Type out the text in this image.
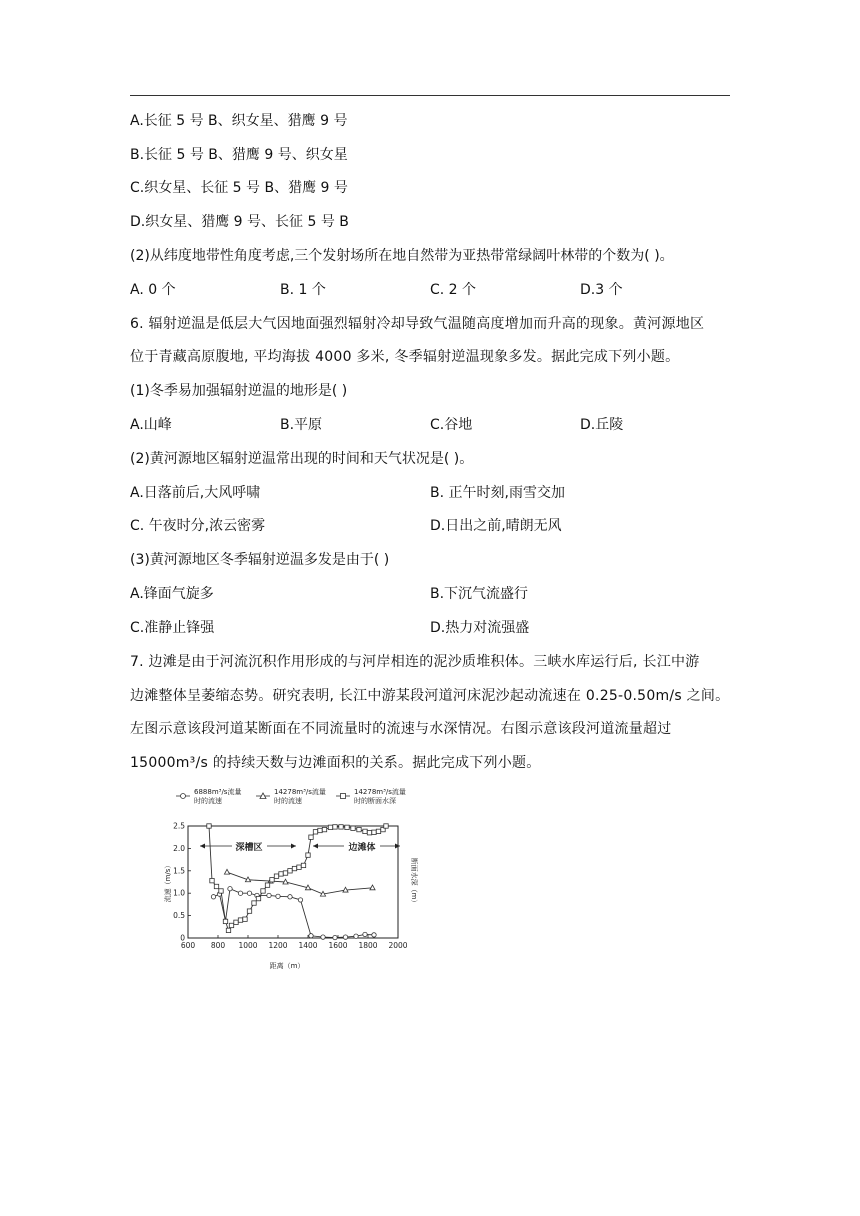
A.长征 5 号 B、织女星、猎鹰 9 号
B.长征 5 号 B、猎鹰 9 号、织女星
C.织女星、长征 5 号 B、猎鹰 9 号
D.织女星、猎鹰 9 号、长征 5 号 B
(2)从纬度地带性角度考虑,三个发射场所在地自然带为亚热带常绿阔叶林带的个数为( )。
A. 0 个	B. 1 个	C. 2 个	D.3 个
6. 辐射逆温是低层大气因地面强烈辐射冷却导致气温随高度增加而升高的现象。黄河源地区
位于青藏高原腹地, 平均海拔 4000 多米, 冬季辐射逆温现象多发。据此完成下列小题。
(1)冬季易加强辐射逆温的地形是( )
A.山峰	B.平原	C.谷地	D.丘陵
(2)黄河源地区辐射逆温常出现的时间和天气状况是( )。
A.日落前后,大风呼啸	B. 正午时刻,雨雪交加
C. 午夜时分,浓云密雾	D.日出之前,晴朗无风
(3)黄河源地区冬季辐射逆温多发是由于( )
A.锋面气旋多	B.下沉气流盛行
C.准静止锋强	D.热力对流强盛
7. 边滩是由于河流沉积作用形成的与河岸相连的泥沙质堆积体。三峡水库运行后, 长江中游
边滩整体呈萎缩态势。研究表明, 长江中游某段河道河床泥沙起动流速在 0.25-0.50m/s 之间。
左图示意该段河道某断面在不同流量时的流速与水深情况。右图示意该段河道流量超过
15000m³/s 的持续天数与边滩面积的关系。据此完成下列小题。
6888m³/s流量
时的流速
14278m³/s流量
时的流速
14278m³/s流量
时的断面水深
深槽区	边滩体
流速（m/s）	断面水深（m）
距离（m）
600 800 1000 1200 1400 1600 1800 2000
0
0.5
1.0
1.5
2.0
2.5
